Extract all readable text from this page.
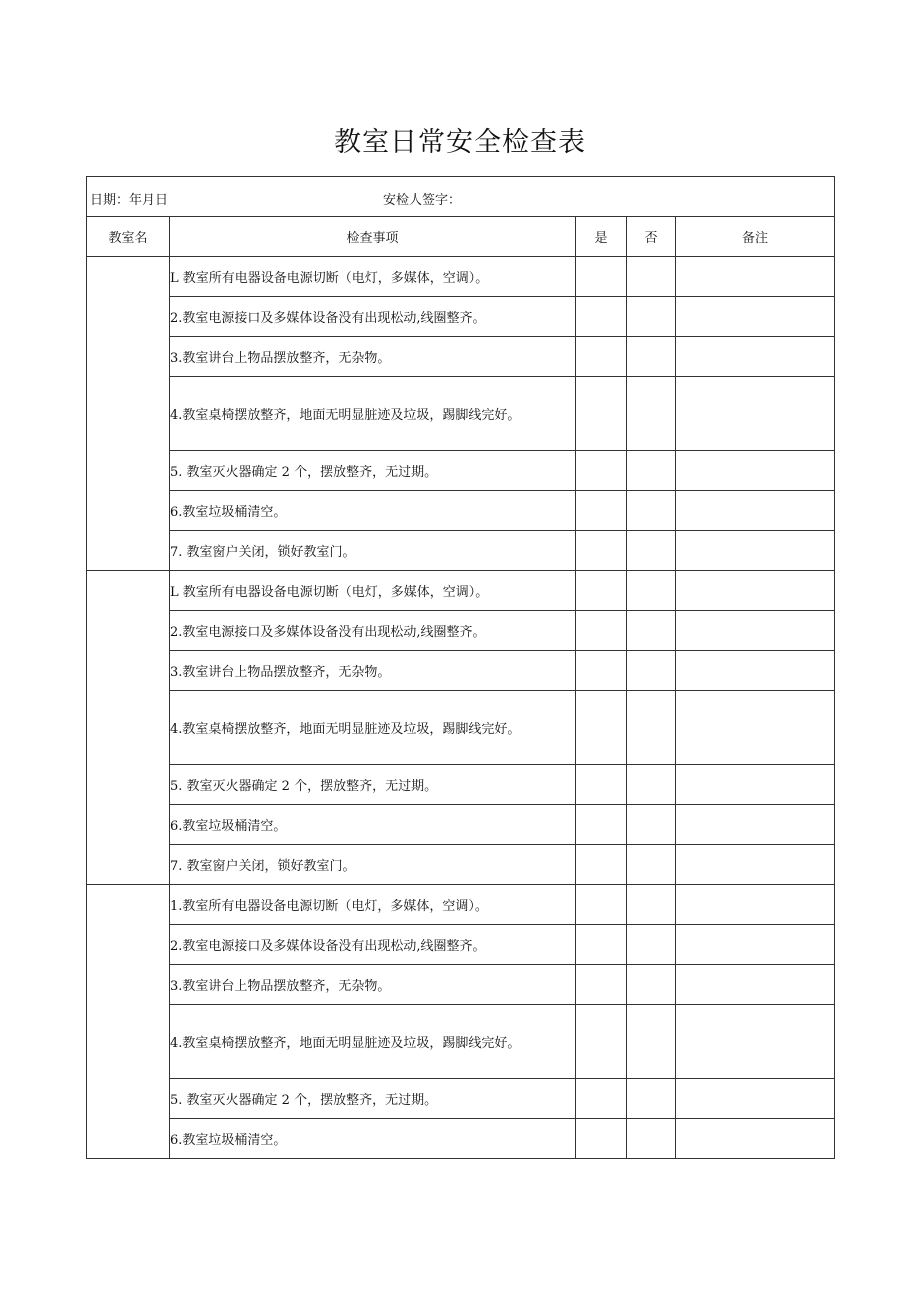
教室日常安全检查表
日期：年月日 安检人签字：				

教室名	检查事项	是	否	备注
	L 教室所有电器设备电源切断（电灯，多媒体，空调）。			
	2.教室电源接口及多媒体设备没有出现松动,线圈整齐。			
	3.教室讲台上物品摆放整齐，无杂物。			
	4.教室桌椅摆放整齐，地面无明显脏迹及垃圾，踢脚线完好。			
	5. 教室灭火器确定 2 个，摆放整齐，无过期。			
	6.教室垃圾桶清空。			
	7. 教室窗户关闭，锁好教室门。			
	L 教室所有电器设备电源切断（电灯，多媒体，空调）。			
	2.教室电源接口及多媒体设备没有出现松动,线圈整齐。			
	3.教室讲台上物品摆放整齐，无杂物。			
	4.教室桌椅摆放整齐，地面无明显脏迹及垃圾，踢脚线完好。			
	5. 教室灭火器确定 2 个，摆放整齐，无过期。			
	6.教室垃圾桶清空。			
	7. 教室窗户关闭，锁好教室门。			
	1.教室所有电器设备电源切断（电灯，多媒体，空调）。			
	2.教室电源接口及多媒体设备没有出现松动,线圈整齐。			
	3.教室讲台上物品摆放整齐，无杂物。			
	4.教室桌椅摆放整齐，地面无明显脏迹及垃圾，踢脚线完好。			
	5. 教室灭火器确定 2 个，摆放整齐，无过期。			
	6.教室垃圾桶清空。			
